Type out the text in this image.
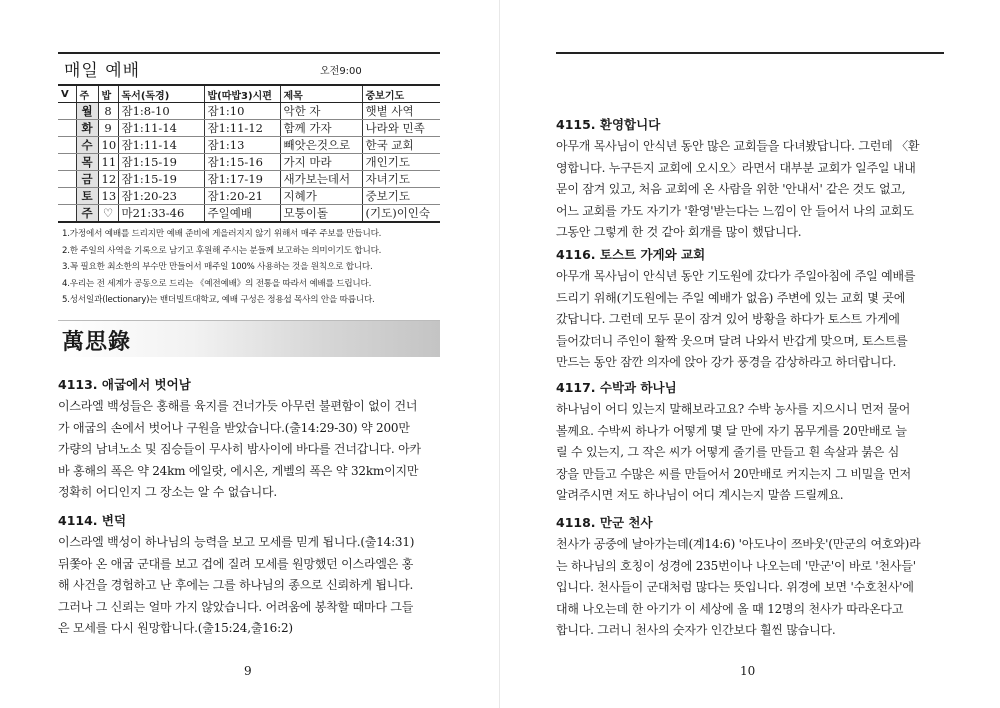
매일 예배	오전9:00
V	주	밥	독서(독경)	밥(따밥3)시편	제목	중보기도
	월	8	잠1:8-10	잠1:10	악한 자	햇볕 사역
	화	9	잠1:11-14	잠1:11-12	함께 가자	나라와 민족
	수	10	잠1:11-14	잠1:13	빼앗은것으로	한국 교회
	목	11	잠1:15-19	잠1:15-16	가지 마라	개인기도
	금	12	잠1:15-19	잠1:17-19	새가보는데서	자녀기도
	토	13	잠1:20-23	잠1:20-21	지혜가	중보기도
	주	♡	마21:33-46	주일예배	모퉁이돌	(기도)이인숙
1.가정에서 예배를 드리지만 예배 준비에 게을러지지 않기 위해서 매주 주보를 만듭니다.
2.한 주일의 사역을 기록으로 남기고 후원해 주시는 분들께 보고하는 의미이기도 합니다.
3.꼭 필요한 최소한의 부수만 만들어서 매주일 100% 사용하는 것을 원칙으로 합니다.
4.우리는 전 세계가 공동으로 드리는 《예전예배》의 전통을 따라서 예배를 드립니다.
5.성서일과(lectionary)는 밴더빌트대학교, 예배 구성은 정용섭 목사의 안을 따릅니다.
萬思錄
4113. 애굽에서 벗어남
이스라엘 백성들은 홍해를 육지를 건너가듯 아무런 불편함이 없이 건너
가 애굽의 손에서 벗어나 구원을 받았습니다.(출14:29-30) 약 200만
가량의 남녀노소 및 짐승들이 무사히 밤사이에 바다를 건너갑니다. 아카
바 홍해의 폭은 약 24km 에일랏, 에시온, 게벨의 폭은 약 32km이지만
정확히 어디인지 그 장소는 알 수 없습니다.
4114. 변덕
이스라엘 백성이 하나님의 능력을 보고 모세를 믿게 됩니다.(출14:31)
뒤쫓아 온 애굽 군대를 보고 겁에 질려 모세를 원망했던 이스라엘은 홍
해 사건을 경험하고 난 후에는 그를 하나님의 종으로 신뢰하게 됩니다.
그러나 그 신뢰는 얼마 가지 않았습니다. 어려움에 봉착할 때마다 그들
은 모세를 다시 원망합니다.(출15:24,출16:2)
9
4115. 환영합니다
아무개 목사님이 안식년 동안 많은 교회들을 다녀봤답니다. 그런데 〈환
영합니다. 누구든지 교회에 오시오〉라면서 대부분 교회가 일주일 내내
문이 잠겨 있고, 처음 교회에 온 사람을 위한 '안내서' 같은 것도 없고,
어느 교회를 가도 자기가 '환영'받는다는 느낌이 안 들어서 나의 교회도
그동안 그렇게 한 것 같아 회개를 많이 했답니다.
4116. 토스트 가게와 교회
아무개 목사님이 안식년 동안 기도원에 갔다가 주일아침에 주일 예배를
드리기 위해(기도원에는 주일 예배가 없음) 주변에 있는 교회 몇 곳에
갔답니다. 그런데 모두 문이 잠겨 있어 방황을 하다가 토스트 가게에
들어갔더니 주인이 활짝 웃으며 달려 나와서 반갑게 맞으며, 토스트를
만드는 동안 잠깐 의자에 앉아 강가 풍경을 감상하라고 하더랍니다.
4117. 수박과 하나님
하나님이 어디 있는지 말해보라고요? 수박 농사를 지으시니 먼저 물어
볼께요. 수박씨 하나가 어떻게 몇 달 만에 자기 몸무게를 20만배로 늘
릴 수 있는지, 그 작은 씨가 어떻게 줄기를 만들고 흰 속살과 붉은 심
장을 만들고 수많은 씨를 만들어서 20만배로 커지는지 그 비밀을 먼저
알려주시면 저도 하나님이 어디 계시는지 말씀 드릴께요.
4118. 만군 천사
천사가 공중에 날아가는데(계14:6) '아도나이 쯔바웃'(만군의 여호와)라
는 하나님의 호칭이 성경에 235번이나 나오는데 '만군'이 바로 '천사들'
입니다. 천사들이 군대처럼 많다는 뜻입니다. 위경에 보면 '수호천사'에
대해 나오는데 한 아기가 이 세상에 올 때 12명의 천사가 따라온다고
합니다. 그러니 천사의 숫자가 인간보다 훨씬 많습니다.
10
